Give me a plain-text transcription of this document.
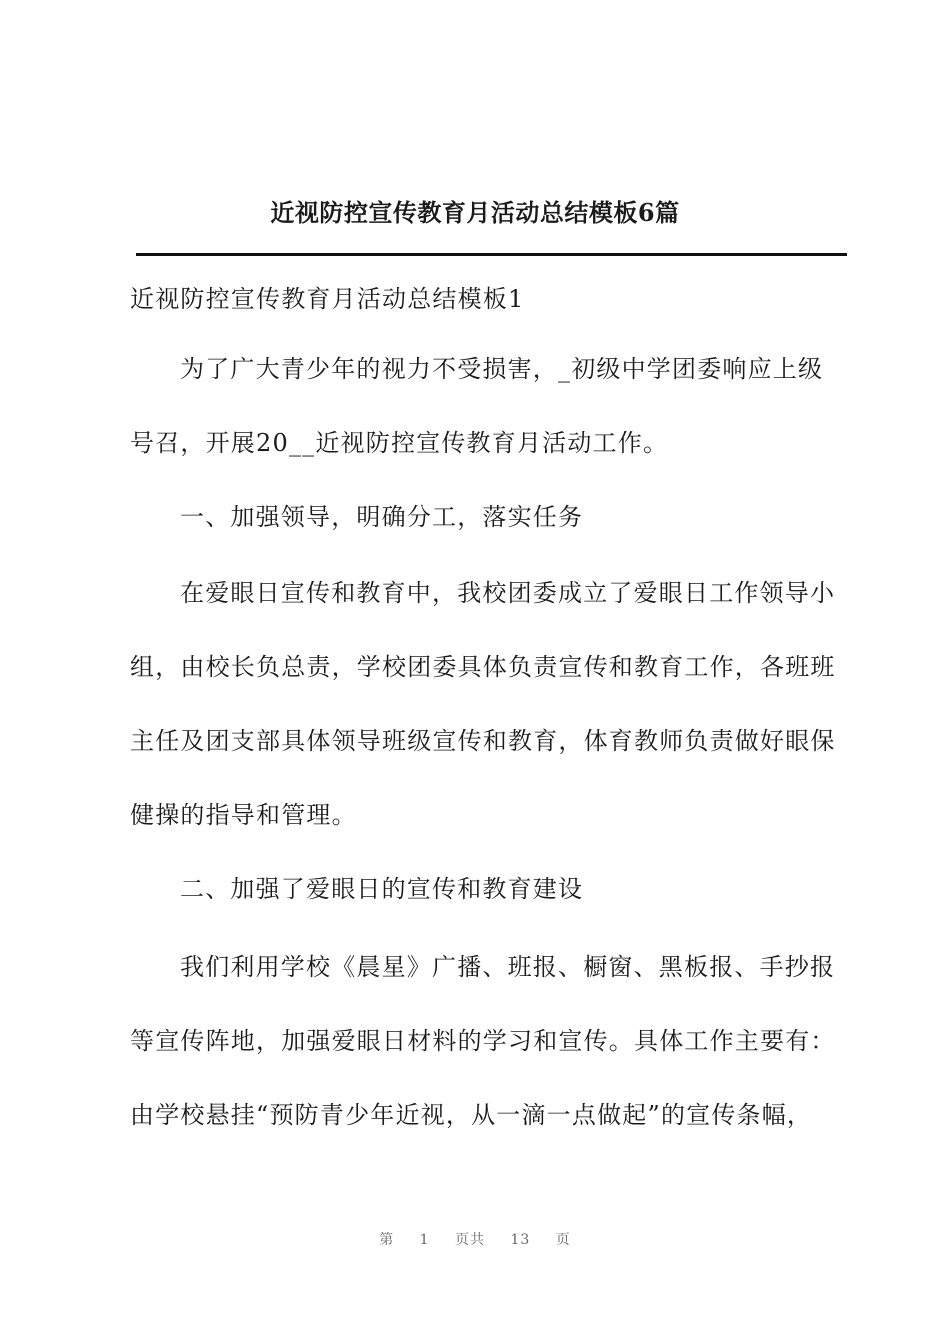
近视防控宣传教育月活动总结模板6篇
近视防控宣传教育月活动总结模板1
为了广大青少年的视力不受损害，_初级中学团委响应上级
号召，开展20__近视防控宣传教育月活动工作。
一、加强领导，明确分工，落实任务
在爱眼日宣传和教育中，我校团委成立了爱眼日工作领导小
组，由校长负总责，学校团委具体负责宣传和教育工作，各班班
主任及团支部具体领导班级宣传和教育，体育教师负责做好眼保
健操的指导和管理。
二、加强了爱眼日的宣传和教育建设
我们利用学校《晨星》广播、班报、橱窗、黑板报、手抄报
等宣传阵地，加强爱眼日材料的学习和宣传。具体工作主要有：
由学校悬挂“预防青少年近视，从一滴一点做起”的宣传条幅，
第 1 页共 13 页
